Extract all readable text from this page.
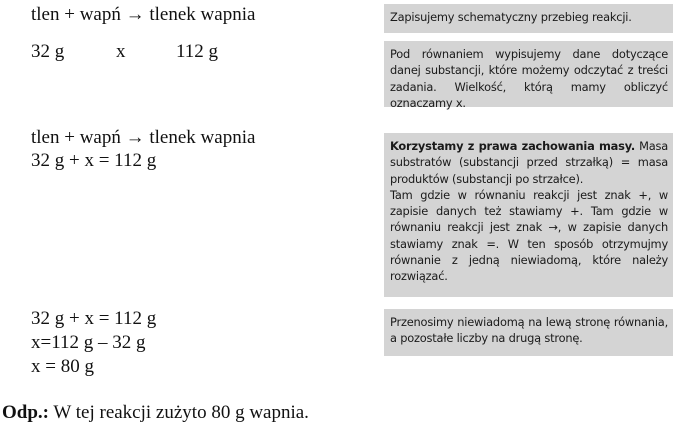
tlen + wapń → tlenek wapnia
32 g	x	112 g

Zapisujemy schematyczny przebieg reakcji.

Pod równaniem wypisujemy dane dotyczące danej substancji, które możemy odczytać z treści zadania. Wielkość, którą mamy obliczyć oznaczamy x.

tlen + wapń → tlenek wapnia
32 g + x = 112 g

Korzystamy z prawa zachowania masy. Masa substratów (substancji przed strzałką) = masa produktów (substancji po strzałce).

Tam gdzie w równaniu reakcji jest znak +, w zapisie danych też stawiamy +. Tam gdzie w równaniu reakcji jest znak →, w zapisie danych stawiamy znak =. W ten sposób otrzymujmy równanie z jedną niewiadomą, które należy rozwiązać.

32 g + x = 112 g
x=112 g – 32 g
x = 80 g

Przenosimy niewiadomą na lewą stronę równania, a pozostałe liczby na drugą stronę.

Odp.: W tej reakcji zużyto 80 g wapnia.
